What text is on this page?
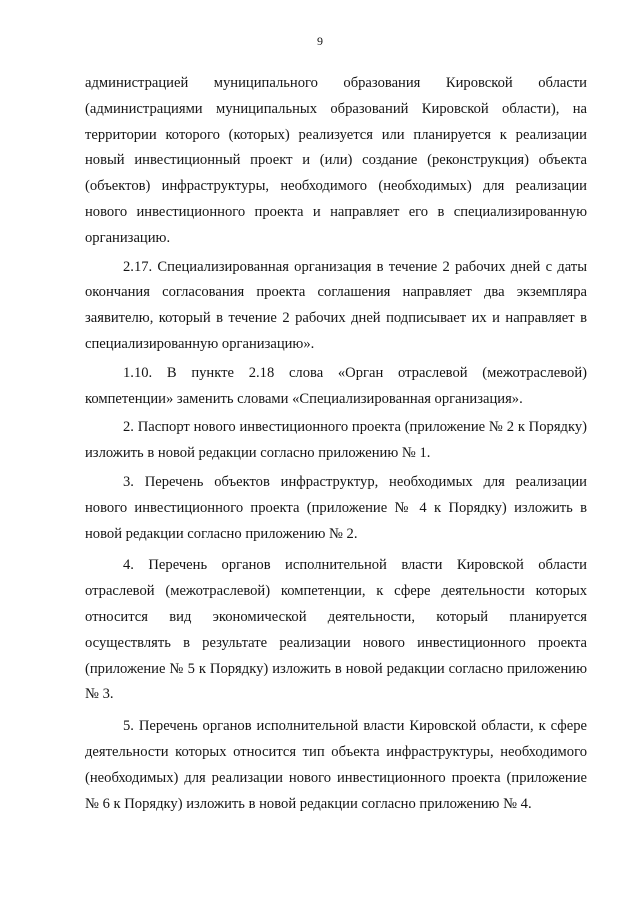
9

администрацией муниципального образования Кировской области (администрациями муниципальных образований Кировской области), на территории которого (которых) реализуется или планируется к реализации новый инвестиционный проект и (или) создание (реконструкция) объекта (объектов) инфраструктуры, необходимого (необходимых) для реализации нового инвестиционного проекта и направляет его в специализированную организацию.

2.17. Специализированная организация в течение 2 рабочих дней с даты окончания согласования проекта соглашения направляет два экземпляра заявителю, который в течение 2 рабочих дней подписывает их и направляет в специализированную организацию».

1.10. В пункте 2.18 слова «Орган отраслевой (межотраслевой) компетенции» заменить словами «Специализированная организация».

2. Паспорт нового инвестиционного проекта (приложение № 2 к Порядку) изложить в новой редакции согласно приложению № 1.

3. Перечень объектов инфраструктур, необходимых для реализации нового инвестиционного проекта (приложение № 4 к Порядку) изложить в новой редакции согласно приложению № 2.

4. Перечень органов исполнительной власти Кировской области отраслевой (межотраслевой) компетенции, к сфере деятельности которых относится вид экономической деятельности, который планируется осуществлять в результате реализации нового инвестиционного проекта (приложение № 5 к Порядку) изложить в новой редакции согласно приложению № 3.

5. Перечень органов исполнительной власти Кировской области, к сфере деятельности которых относится тип объекта инфраструктуры, необходимого (необходимых) для реализации нового инвестиционного проекта (приложение № 6 к Порядку) изложить в новой редакции согласно приложению № 4.
